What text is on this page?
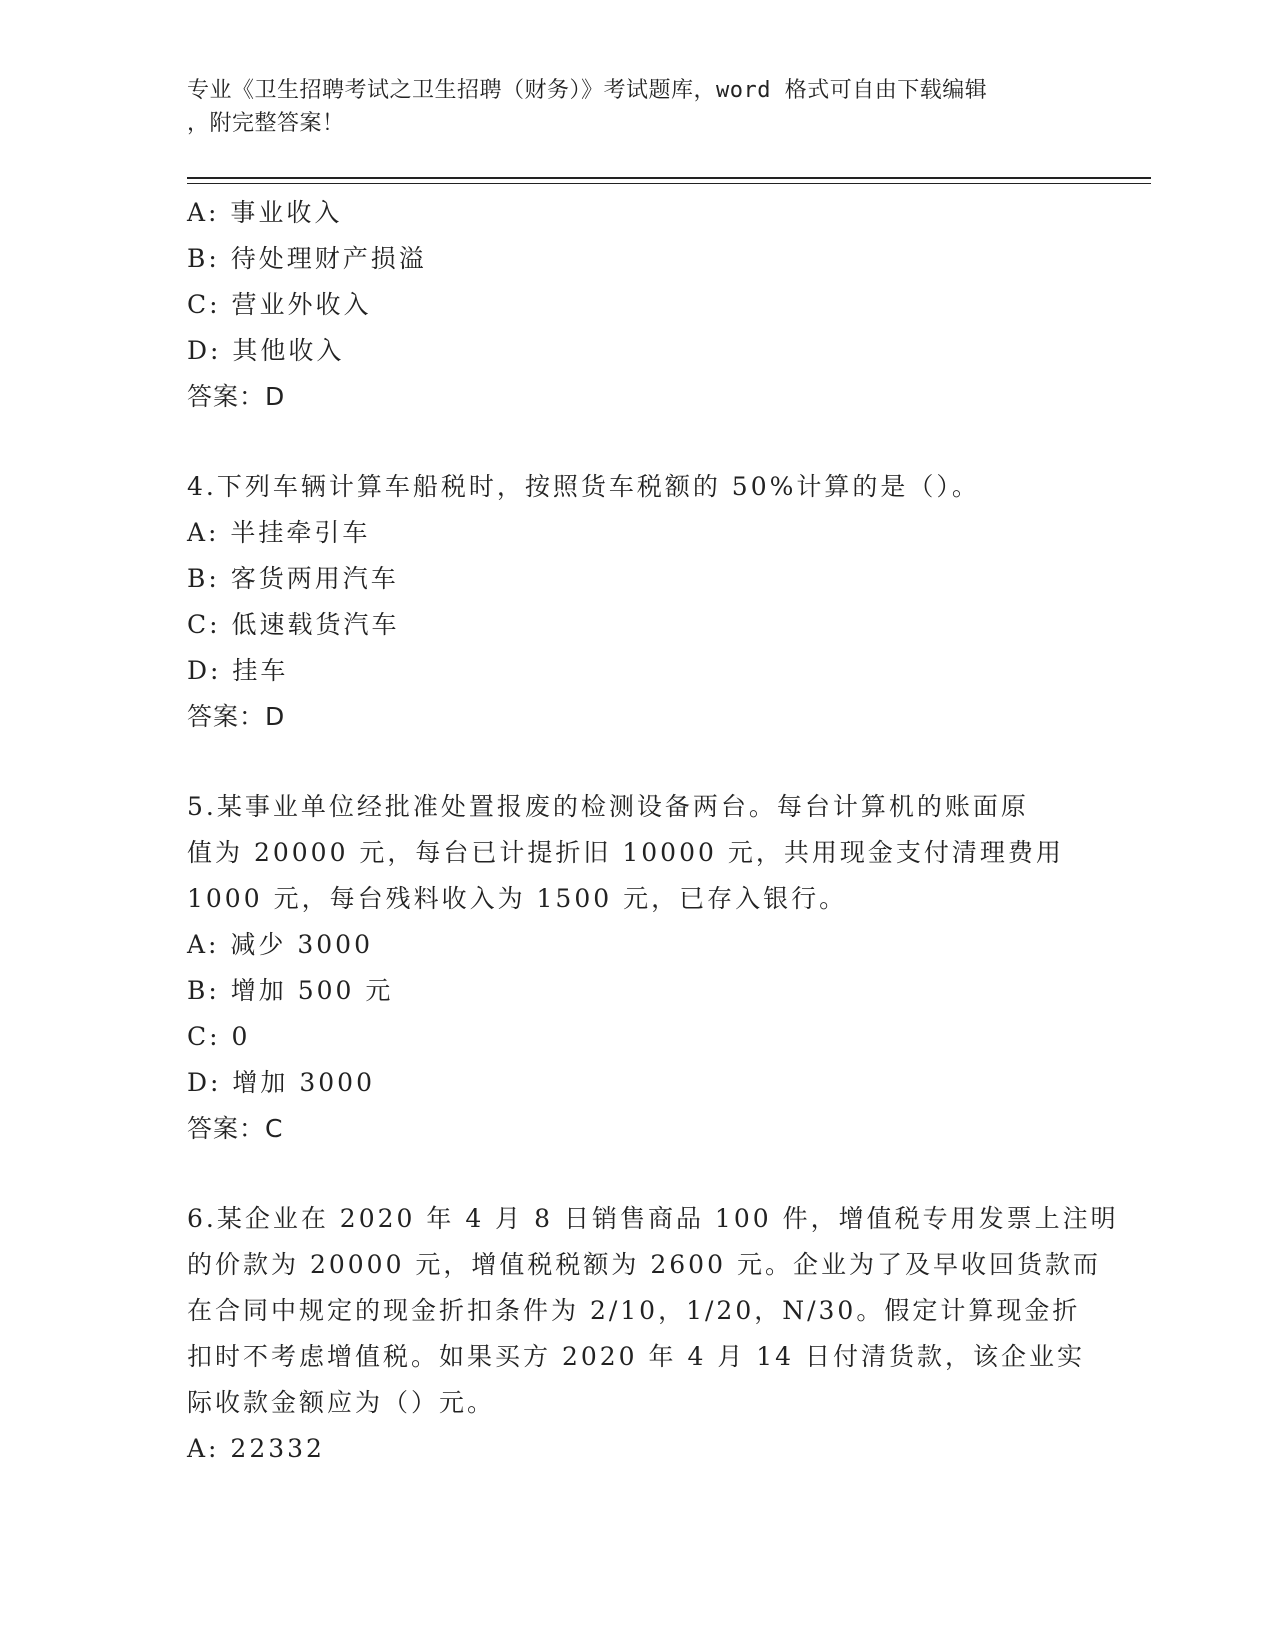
专业《卫生招聘考试之卫生招聘（财务）》考试题库，word 格式可自由下载编辑
，附完整答案！
A: 事业收入
B: 待处理财产损溢
C: 营业外收入
D: 其他收入
答案：D
4.下列车辆计算车船税时，按照货车税额的 50%计算的是（）。
A: 半挂牵引车
B: 客货两用汽车
C: 低速载货汽车
D: 挂车
答案：D
5.某事业单位经批准处置报废的检测设备两台。每台计算机的账面原
值为 20000 元，每台已计提折旧 10000 元，共用现金支付清理费用
1000 元，每台残料收入为 1500 元，已存入银行。
A: 减少 3000
B: 增加 500 元
C: 0
D: 增加 3000
答案：C
6.某企业在 2020 年 4 月 8 日销售商品 100 件，增值税专用发票上注明
的价款为 20000 元，增值税税额为 2600 元。企业为了及早收回货款而
在合同中规定的现金折扣条件为 2/10，1/20，N/30。假定计算现金折
扣时不考虑增值税。如果买方 2020 年 4 月 14 日付清货款，该企业实
际收款金额应为（）元。
A: 22332
